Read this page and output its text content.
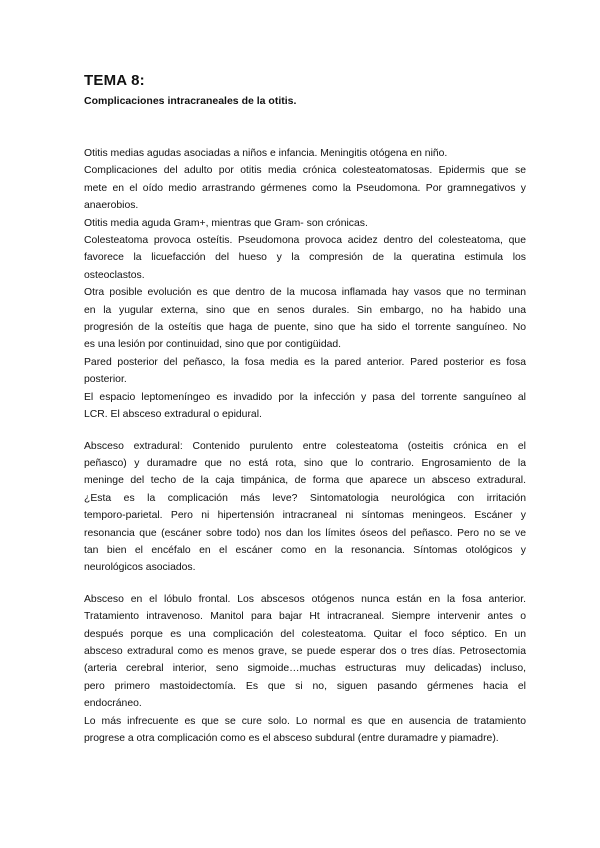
TEMA 8:
Complicaciones intracraneales de la otitis.
Otitis medias agudas asociadas a niños e infancia. Meningitis otógena en niño.
Complicaciones del adulto por otitis media crónica colesteatomatosas. Epidermis que se
mete en el oído medio arrastrando gérmenes como la Pseudomona. Por gramnegativos y
anaerobios.
Otitis media aguda Gram+, mientras que Gram- son crónicas.
Colesteatoma provoca osteítis. Pseudomona provoca acidez dentro del colesteatoma, que
favorece la licuefacción del hueso y la compresión de la queratina estimula los
osteoclastos.
Otra posible evolución es que dentro de la mucosa inflamada hay vasos que no terminan
en la yugular externa, sino que en senos durales. Sin embargo, no ha habido una
progresión de la osteítis que haga de puente, sino que ha sido el torrente sanguíneo. No
es una lesión por continuidad, sino que por contigüidad.
Pared posterior del peñasco, la fosa media es la pared anterior. Pared posterior es fosa
posterior.
El espacio leptomeníngeo es invadido por la infección y pasa del torrente sanguíneo al
LCR. El absceso extradural o epidural.
Absceso extradural: Contenido purulento entre colesteatoma (osteitis crónica en el
peñasco) y duramadre que no está rota, sino que lo contrario. Engrosamiento de la
meninge del techo de la caja timpánica, de forma que aparece un absceso extradural.
¿Esta es la complicación más leve? Sintomatologia neurológica con irritación
temporo-parietal. Pero ni hipertensión intracraneal ni síntomas meningeos. Escáner y
resonancia que (escáner sobre todo) nos dan los límites óseos del peñasco. Pero no se ve
tan bien el encéfalo en el escáner como en la resonancia. Síntomas otológicos y
neurológicos asociados.
Absceso en el lóbulo frontal. Los abscesos otógenos nunca están en la fosa anterior.
Tratamiento intravenoso. Manitol para bajar Ht intracraneal. Siempre intervenir antes o
después porque es una complicación del colesteatoma. Quitar el foco séptico. En un
absceso extradural como es menos grave, se puede esperar dos o tres días. Petrosectomia
(arteria cerebral interior, seno sigmoide…muchas estructuras muy delicadas) incluso,
pero primero mastoidectomía. Es que si no, siguen pasando gérmenes hacia el
endocráneo.
Lo más infrecuente es que se cure solo. Lo normal es que en ausencia de tratamiento
progrese a otra complicación como es el absceso subdural (entre duramadre y piamadre).
